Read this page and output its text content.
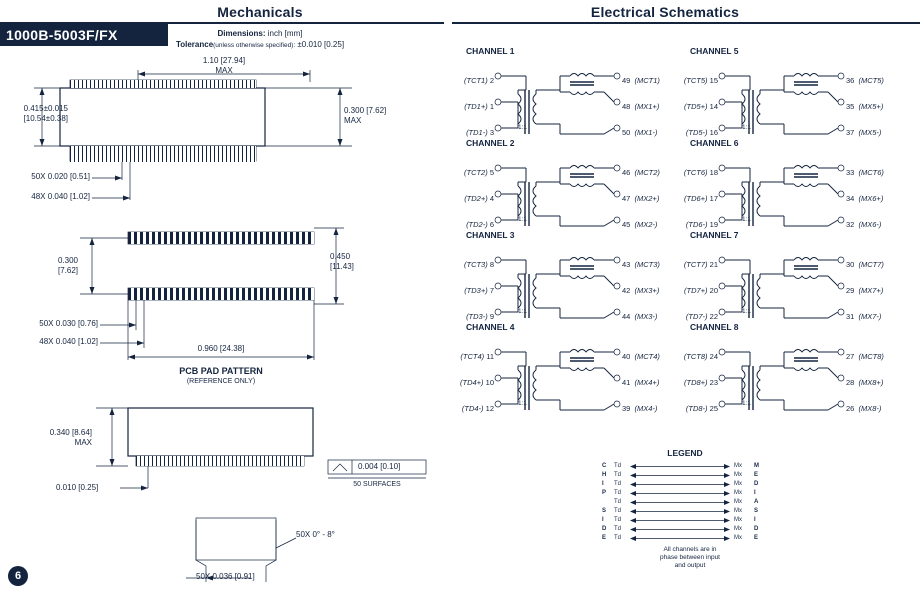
Mechanicals	Electrical Schematics
1000B-5003F/FX	Dimensions: inch [mm]
Tolerance(unless otherwise specified): ±0.010 [0.25]
1.10 [27.94]
MAX
0.415±0.015
[10.54±0.38]
0.300 [7.62]
MAX
50X 0.020 [0.51]
48X 0.040 [1.02]
0.300
[7.62]
0.450
[11.43]
50X 0.030 [0.76]
48X 0.040 [1.02]
0.960 [24.38]
PCB PAD PATTERN
(REFERENCE ONLY)
0.340 [8.64]
MAX
0.010 [0.25]
0.004 [0.10]
50 SURFACES
50X 0° - 8°
50X 0.036 [0.91]
CHANNEL 1
(TCT1) 2
(TD1+) 1
(TD1-) 3
49  (MCT1)
48  (MX1+)
50  (MX1-)
1:1
CHANNEL 2
(TCT2) 5
(TD2+) 4
(TD2-) 6
46  (MCT2)
47  (MX2+)
45  (MX2-)
1:1
CHANNEL 3
(TCT3) 8
(TD3+) 7
(TD3-) 9
43  (MCT3)
42  (MX3+)
44  (MX3-)
1:1
CHANNEL 4
(TCT4) 11
(TD4+) 10
(TD4-) 12
40  (MCT4)
41  (MX4+)
39  (MX4-)
1:1
CHANNEL 5
(TCT5) 15
(TD5+) 14
(TD5-) 16
36  (MCT5)
35  (MX5+)
37  (MX5-)
1:1
CHANNEL 6
(TCT6) 18
(TD6+) 17
(TD6-) 19
33  (MCT6)
34  (MX6+)
32  (MX6-)
1:1
CHANNEL 7
(TCT7) 21
(TD7+) 20
(TD7-) 22
30  (MCT7)
29  (MX7+)
31  (MX7-)
1:1
CHANNEL 8
(TCT8) 24
(TD8+) 23
(TD8-) 25
27  (MCT8)
28  (MX8+)
26  (MX8-)
1:1
LEGEND
C Td	Mx M
H Td	Mx E
I Td	Mx D
P Td	Mx I
Td	Mx A
S Td	Mx S
I Td	Mx I
D Td	Mx D
E Td	Mx E
All channels are in
phase between input
and output
6
